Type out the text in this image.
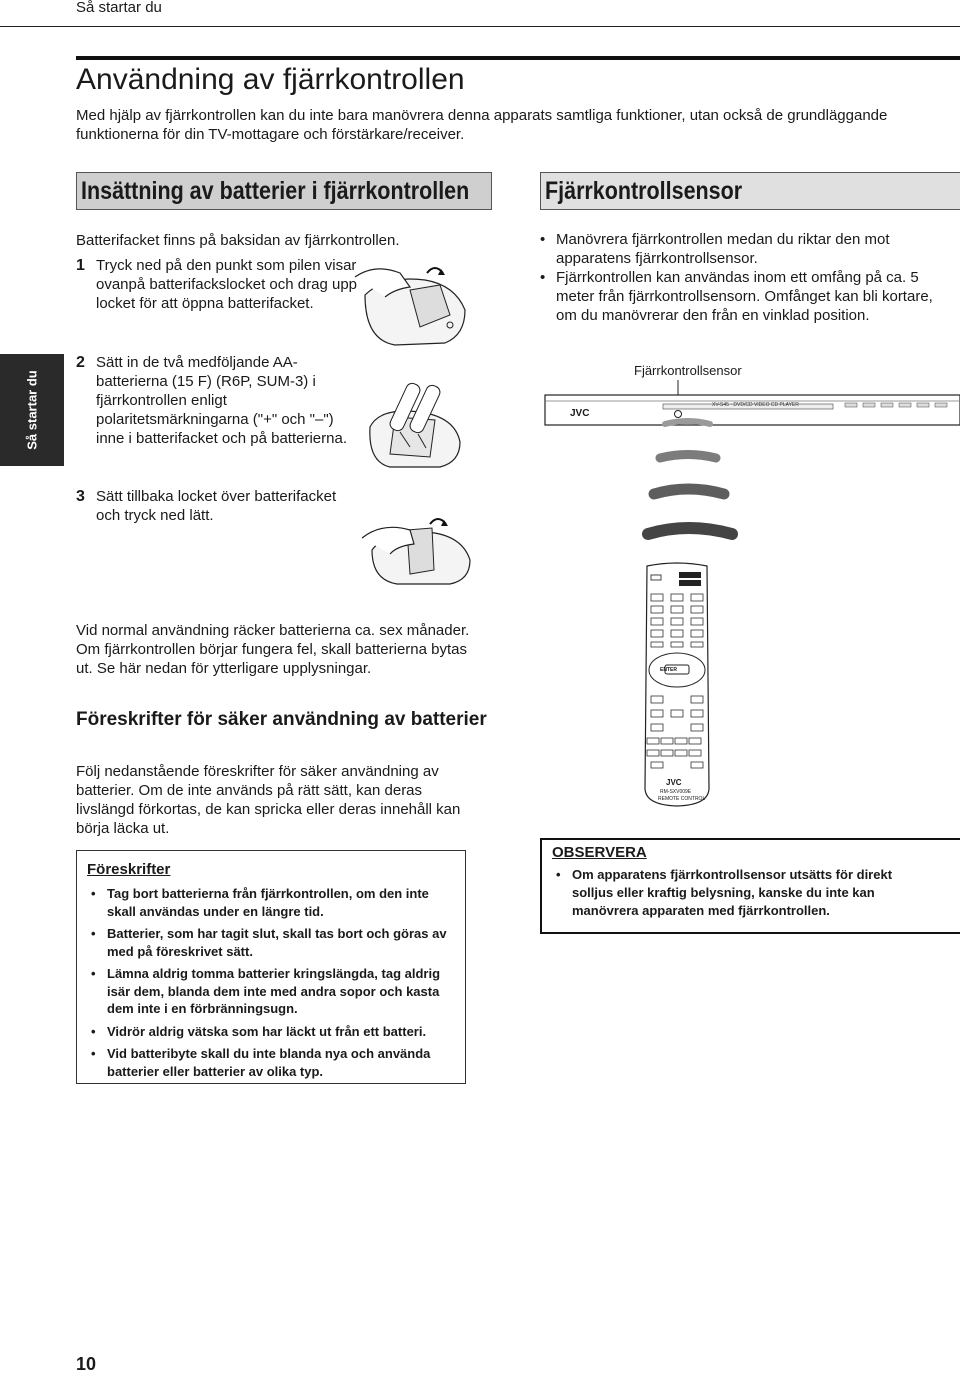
Så startar du
Användning av fjärrkontrollen
Med hjälp av fjärrkontrollen kan du inte bara manövrera denna apparats samtliga funktioner, utan också de grundläggande funktionerna för din TV-mottagare och förstärkare/receiver.
Så startar du
Insättning av batterier i fjärrkontrollen	Fjärrkontrollsensor
Batterifacket finns på baksidan av fjärrkontrollen.
1 Tryck ned på den punkt som pilen visar ovanpå batterifackslocket och drag upp locket för att öppna batterifacket.
2 Sätt in de två medföljande AA-batterierna (15 F) (R6P, SUM-3) i fjärrkontrollen enligt polaritetsmärkningarna ("+" och "–") inne i batterifacket och på batterierna.
3 Sätt tillbaka locket över batterifacket och tryck ned lätt.
Vid normal användning räcker batterierna ca. sex månader. Om fjärrkontrollen börjar fungera fel, skall batterierna bytas ut. Se här nedan för ytterligare upplysningar.
Föreskrifter för säker användning av batterier
Följ nedanstående föreskrifter för säker användning av batterier. Om de inte används på rätt sätt, kan deras livslängd förkortas, de kan spricka eller deras innehåll kan börja läcka ut.
Föreskrifter
• Tag bort batterierna från fjärrkontrollen, om den inte skall användas under en längre tid.
• Batterier, som har tagit slut, skall tas bort och göras av med på föreskrivet sätt.
• Lämna aldrig tomma batterier kringslängda, tag aldrig isär dem, blanda dem inte med andra sopor och kasta dem inte i en förbränningsugn.
• Vidrör aldrig vätska som har läckt ut från ett batteri.
• Vid batteribyte skall du inte blanda nya och använda batterier eller batterier av olika typ.
• Manövrera fjärrkontrollen medan du riktar den mot apparatens fjärrkontrollsensor.
• Fjärrkontrollen kan användas inom ett omfång på ca. 5 meter från fjärrkontrollsensorn. Omfånget kan bli kortare, om du manövrerar den från en vinklad position.
Fjärrkontrollsensor
JVC
XV-S45 · DVD/CD VIDEO CD PLAYER
ENTER
JVC
RM-SXV009E
REMOTE CONTROL
OBSERVERA
• Om apparatens fjärrkontrollsensor utsätts för direkt solljus eller kraftig belysning, kanske du inte kan manövrera apparaten med fjärrkontrollen.
10
